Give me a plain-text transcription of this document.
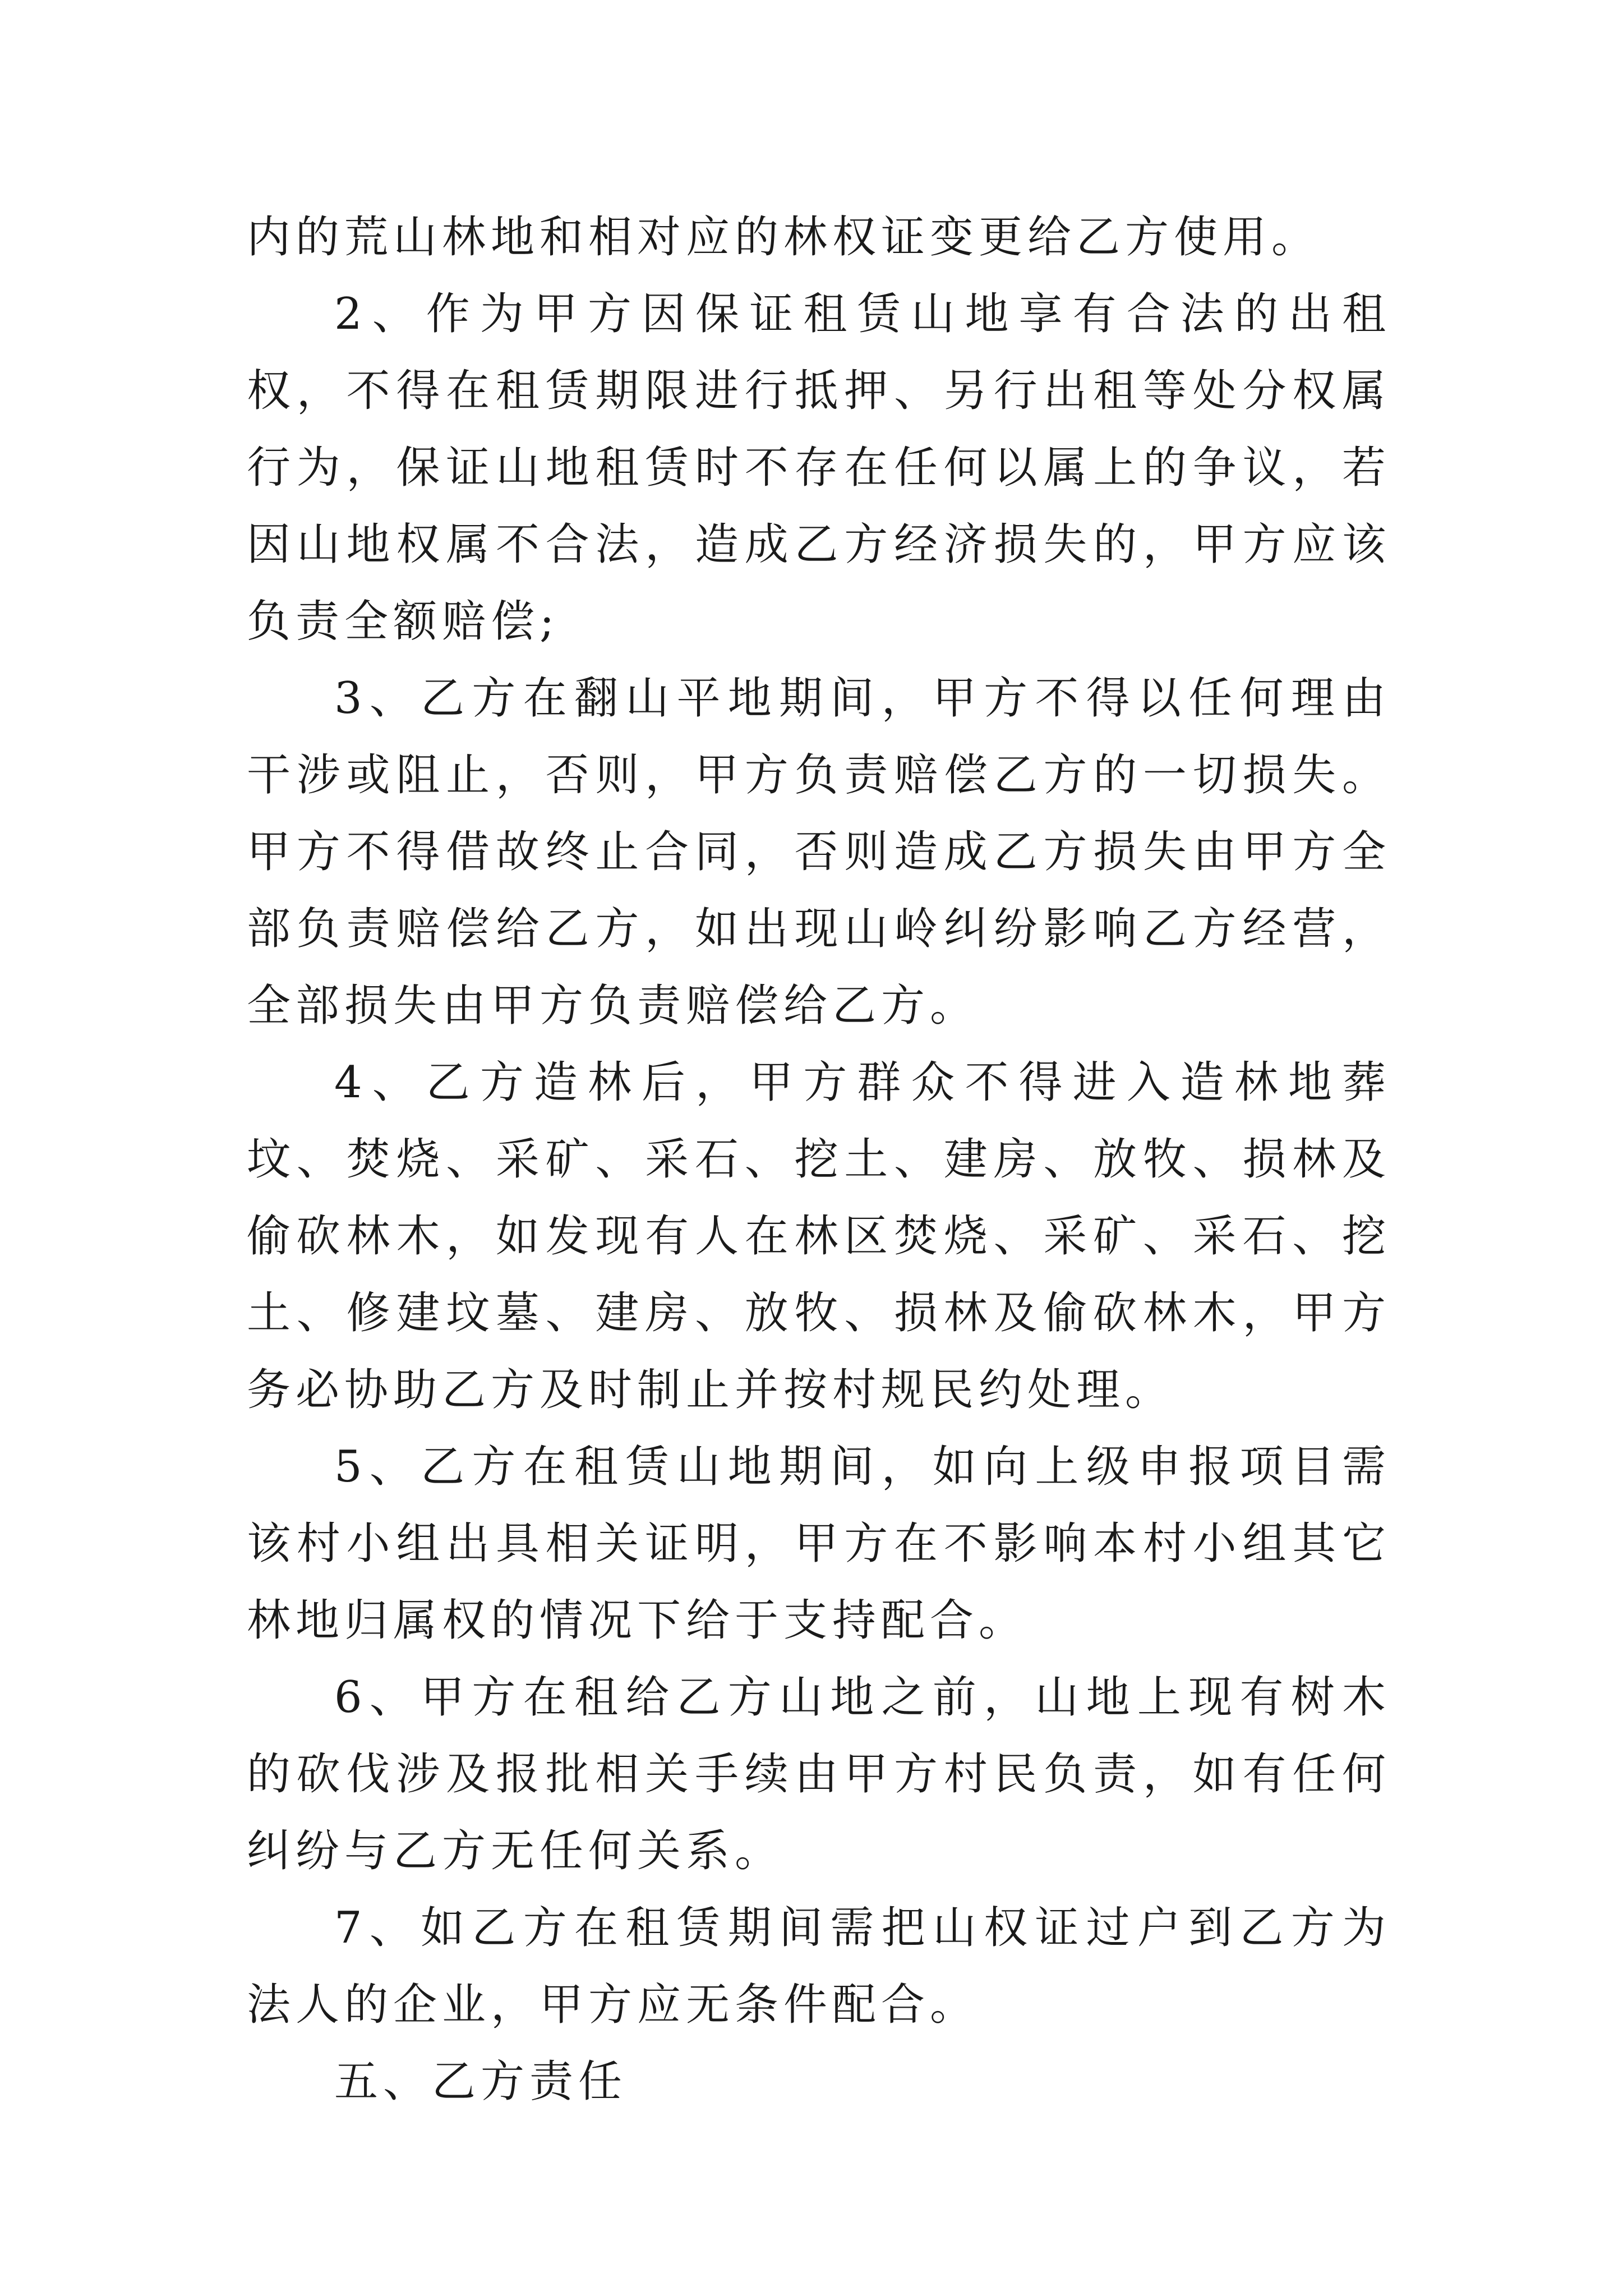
内的荒山林地和相对应的林权证变更给乙方使用。

2、作为甲方因保证租赁山地享有合法的出租权，不得在租赁期限进行抵押、另行出租等处分权属行为，保证山地租赁时不存在任何以属上的争议，若因山地权属不合法，造成乙方经济损失的，甲方应该负责全额赔偿;

3、乙方在翻山平地期间，甲方不得以任何理由干涉或阻止，否则，甲方负责赔偿乙方的一切损失。甲方不得借故终止合同，否则造成乙方损失由甲方全部负责赔偿给乙方，如出现山岭纠纷影响乙方经营，全部损失由甲方负责赔偿给乙方。

4、乙方造林后，甲方群众不得进入造林地葬坟、焚烧、采矿、采石、挖土、建房、放牧、损林及偷砍林木，如发现有人在林区焚烧、采矿、采石、挖土、修建坟墓、建房、放牧、损林及偷砍林木，甲方务必协助乙方及时制止并按村规民约处理。

5、乙方在租赁山地期间，如向上级申报项目需该村小组出具相关证明，甲方在不影响本村小组其它林地归属权的情况下给于支持配合。

6、甲方在租给乙方山地之前，山地上现有树木的砍伐涉及报批相关手续由甲方村民负责，如有任何纠纷与乙方无任何关系。

7、如乙方在租赁期间需把山权证过户到乙方为法人的企业，甲方应无条件配合。

五、乙方责任
